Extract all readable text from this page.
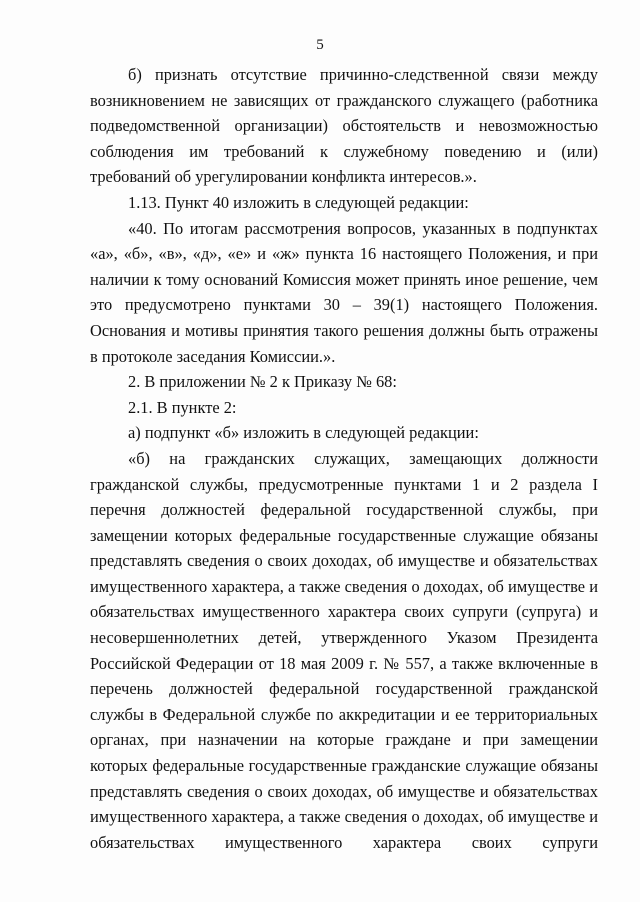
5

б) признать отсутствие причинно-следственной связи между возникновением не зависящих от гражданского служащего (работника подведомственной организации) обстоятельств и невозможностью соблюдения им требований к служебному поведению и (или) требований об урегулировании конфликта интересов.».

1.13. Пункт 40 изложить в следующей редакции:

«40. По итогам рассмотрения вопросов, указанных в подпунктах «а», «б», «в», «д», «е» и «ж» пункта 16 настоящего Положения, и при наличии к тому оснований Комиссия может принять иное решение, чем это предусмотрено пунктами 30 – 39(1) настоящего Положения. Основания и мотивы принятия такого решения должны быть отражены в протоколе заседания Комиссии.».

2. В приложении № 2 к Приказу № 68:

2.1. В пункте 2:

а) подпункт «б» изложить в следующей редакции:

«б) на гражданских служащих, замещающих должности гражданской службы, предусмотренные пунктами 1 и 2 раздела I перечня должностей федеральной государственной службы, при замещении которых федеральные государственные служащие обязаны представлять сведения о своих доходах, об имуществе и обязательствах имущественного характера, а также сведения о доходах, об имуществе и обязательствах имущественного характера своих супруги (супруга) и несовершеннолетних детей, утвержденного Указом Президента Российской Федерации от 18 мая 2009 г. № 557, а также включенные в перечень должностей федеральной государственной гражданской службы в Федеральной службе по аккредитации и ее территориальных органах, при назначении на которые граждане и при замещении которых федеральные государственные гражданские служащие обязаны представлять сведения о своих доходах, об имуществе и обязательствах имущественного характера, а также сведения о доходах, об имуществе и обязательствах имущественного характера своих супруги
